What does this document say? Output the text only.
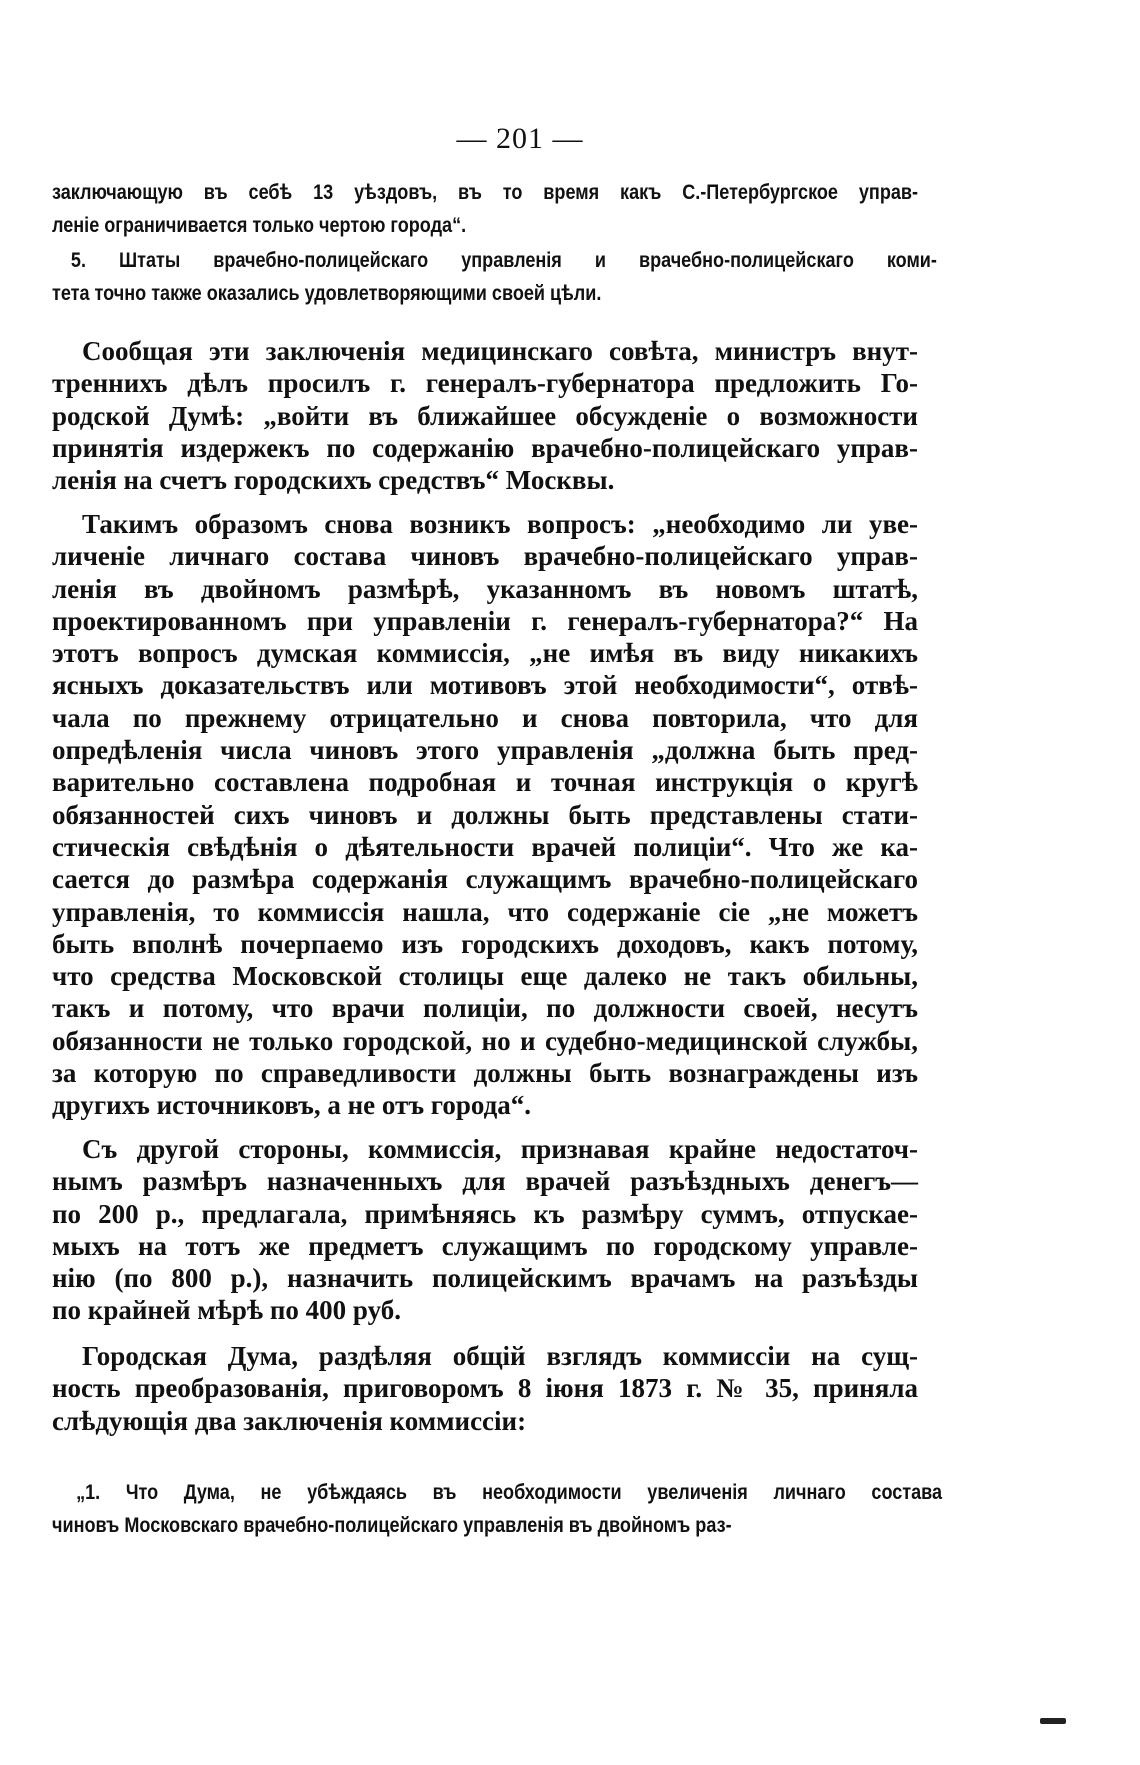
— 201 —
заключающую въ себѣ 13 уѣздовъ, въ то время какъ С.-Петербургское управ-
леніе ограничивается только чертою города“.
5. Штаты врачебно-полицейскаго управленія и врачебно-полицейскаго коми-
тета точно также оказались удовлетворяющими своей цѣли.
Сообщая эти заключенія медицинскаго совѣта, министръ внут-
треннихъ дѣлъ просилъ г. генералъ-губернатора предложить Го-
родской Думѣ: „войти въ ближайшее обсужденіе о возможности
принятія издержекъ по содержанію врачебно-полицейскаго управ-
ленія на счетъ городскихъ средствъ“ Москвы.
Такимъ образомъ снова возникъ вопросъ: „необходимо ли уве-
личеніе личнаго состава чиновъ врачебно-полицейскаго управ-
ленія въ двойномъ размѣрѣ, указанномъ въ новомъ штатѣ,
проектированномъ при управленіи г. генералъ-губернатора?“ На
этотъ вопросъ думская коммиссія, „не имѣя въ виду никакихъ
ясныхъ доказательствъ или мотивовъ этой необходимости“, отвѣ-
чала по прежнему отрицательно и снова повторила, что для
опредѣленія числа чиновъ этого управленія „должна быть пред-
варительно составлена подробная и точная инструкція о кругѣ
обязанностей сихъ чиновъ и должны быть представлены стати-
стическія свѣдѣнія о дѣятельности врачей полиціи“. Что же ка-
сается до размѣра содержанія служащимъ врачебно-полицейскаго
управленія, то коммиссія нашла, что содержаніе сіе „не можетъ
быть вполнѣ почерпаемо изъ городскихъ доходовъ, какъ потому,
что средства Московской столицы еще далеко не такъ обильны,
такъ и потому, что врачи полиціи, по должности своей, несутъ
обязанности не только городской, но и судебно-медицинской службы,
за которую по справедливости должны быть вознаграждены изъ
другихъ источниковъ, а не отъ города“.
Съ другой стороны, коммиссія, признавая крайне недостаточ-
нымъ размѣръ назначенныхъ для врачей разъѣздныхъ денегъ—
по 200 р., предлагала, примѣняясь къ размѣру суммъ, отпускае-
мыхъ на тотъ же предметъ служащимъ по городскому управле-
нію (по 800 р.), назначить полицейскимъ врачамъ на разъѣзды
по крайней мѣрѣ по 400 руб.
Городская Дума, раздѣляя общій взглядъ коммиссіи на сущ-
ность преобразованія, приговоромъ 8 іюня 1873 г. № 35, приняла
слѣдующія два заключенія коммиссіи:
„1. Что Дума, не убѣждаясь въ необходимости увеличенія личнаго состава
чиновъ Московскаго врачебно-полицейскаго управленія въ двойномъ раз-
